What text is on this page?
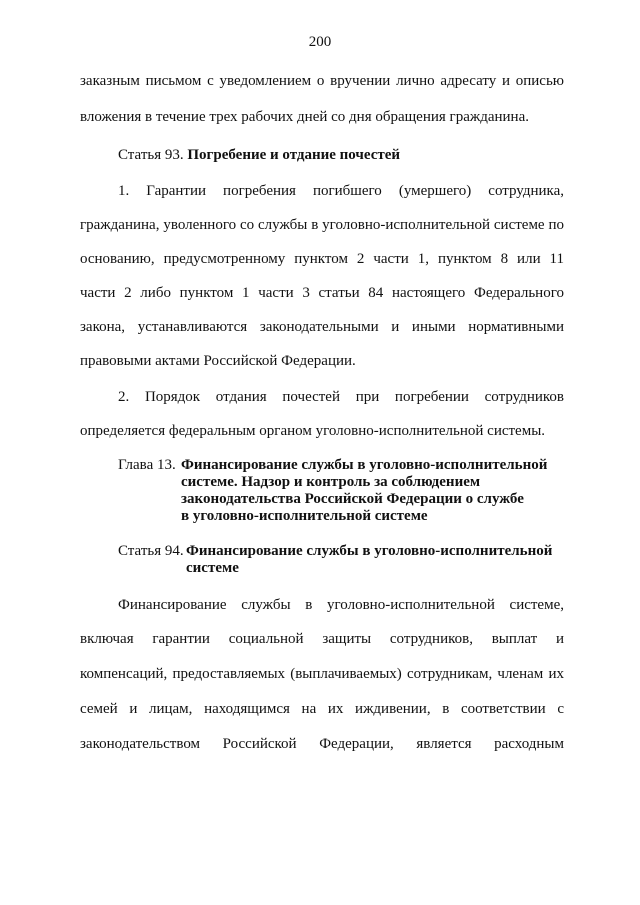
200
заказным письмом с уведомлением о вручении лично адресату и описью
вложения в течение трех рабочих дней со дня обращения гражданина.
Статья 93. Погребение и отдание почестей
1. Гарантии погребения погибшего (умершего) сотрудника,
гражданина, уволенного со службы в уголовно-исполнительной системе по
основанию, предусмотренному пунктом 2 части 1, пунктом 8 или 11
части 2 либо пунктом 1 части 3 статьи 84 настоящего Федерального
закона, устанавливаются законодательными и иными нормативными
правовыми актами Российской Федерации.
2. Порядок отдания почестей при погребении сотрудников
определяется федеральным органом уголовно-исполнительной системы.
Глава 13. Финансирование службы в уголовно-исполнительной
системе. Надзор и контроль за соблюдением
законодательства Российской Федерации о службе
в уголовно-исполнительной системе
Статья 94. Финансирование службы в уголовно-исполнительной
системе
Финансирование службы в уголовно-исполнительной системе,
включая гарантии социальной защиты сотрудников, выплат и
компенсаций, предоставляемых (выплачиваемых) сотрудникам, членам их
семей и лицам, находящимся на их иждивении, в соответствии с
законодательством Российской Федерации, является расходным
